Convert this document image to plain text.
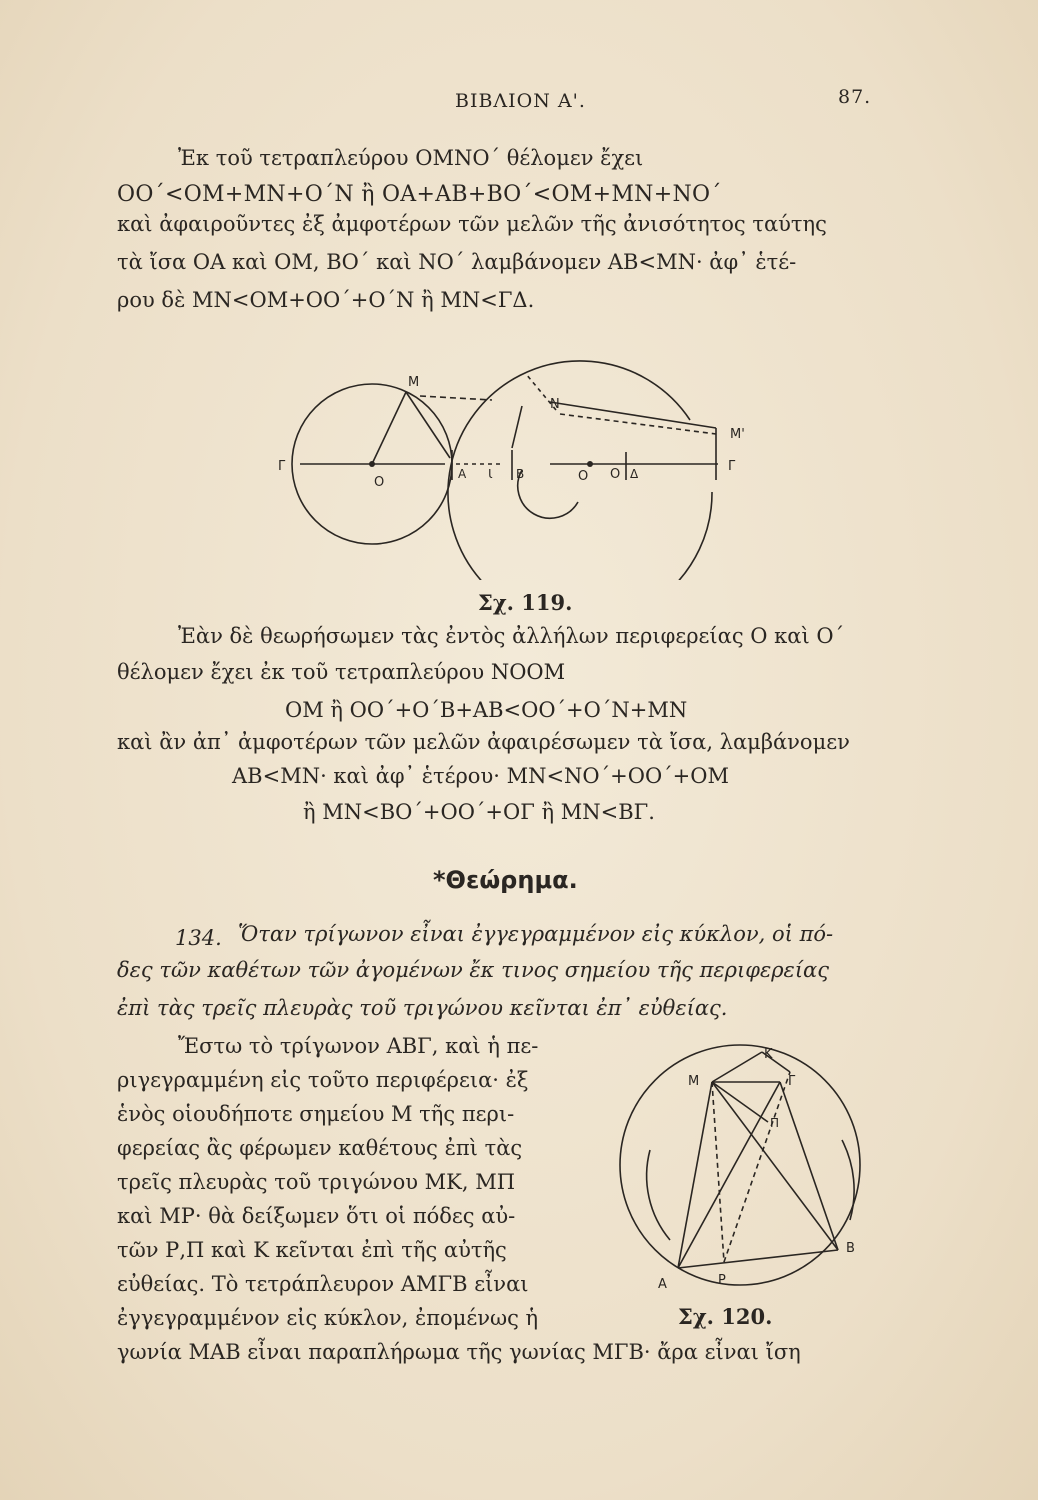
ΒΙΒΛΙΟΝ Α'.	87.
Ἐκ τοῦ τετραπλεύρου ΟΜΝΟ΄ θέλομεν ἔχει
ΟΟ΄<ΟΜ+ΜΝ+Ο΄Ν ἢ ΟΑ+ΑΒ+ΒΟ΄<ΟΜ+ΜΝ+ΝΟ΄
καὶ ἀφαιροῦντες ἐξ ἀμφοτέρων τῶν μελῶν τῆς ἀνισότητος ταύτης
τὰ ἴσα ΟΑ καὶ ΟΜ, ΒΟ΄ καὶ ΝΟ΄ λαμβάνομεν ΑΒ<ΜΝ· ἀφ᾽ ἑτέ-
ρου δὲ ΜΝ<ΟΜ+ΟΟ΄+Ο΄Ν ἢ ΜΝ<ΓΔ.
M
N
M'
Γ	Γ
O	O O
A Ɩ B	Δ
Σχ. 119.
Ἐὰν δὲ θεωρήσωμεν τὰς ἐντὸς ἀλλήλων περιφερείας Ο καὶ Ο΄
θέλομεν ἔχει ἐκ τοῦ τετραπλεύρου ΝΟΟΜ
ΟΜ ἢ ΟΟ΄+Ο΄Β+ΑΒ<ΟΟ΄+Ο΄Ν+ΜΝ
καὶ ἂν ἀπ᾽ ἀμφοτέρων τῶν μελῶν ἀφαιρέσωμεν τὰ ἴσα, λαμβάνομεν
ΑΒ<ΜΝ· καὶ ἀφ᾽ ἑτέρου· ΜΝ<ΝΟ΄+ΟΟ΄+ΟΜ
ἢ ΜΝ<ΒΟ΄+ΟΟ΄+ΟΓ ἢ ΜΝ<ΒΓ.
*Θεώρημα.
134. Ὅταν τρίγωνον εἶναι ἐγγεγραμμένον εἰς κύκλον, οἱ πό-
δες τῶν καθέτων τῶν ἀγομένων ἔκ τινος σημείου τῆς περιφερείας
ἐπὶ τὰς τρεῖς πλευρὰς τοῦ τριγώνου κεῖνται ἐπ᾽ εὐθείας.
Ἔστω τὸ τρίγωνον ΑΒΓ, καὶ ἡ πε-
ριγεγραμμένη εἰς τοῦτο περιφέρεια· ἐξ
ἑνὸς οἱουδήποτε σημείου Μ τῆς περι-
φερείας ἂς φέρωμεν καθέτους ἐπὶ τὰς
τρεῖς πλευρὰς τοῦ τριγώνου ΜΚ, ΜΠ
καὶ ΜΡ· θὰ δείξωμεν ὅτι οἱ πόδες αὐ-
τῶν Ρ,Π καὶ Κ κεῖνται ἐπὶ τῆς αὐτῆς
εὐθείας. Τὸ τετράπλευρον ΑΜΓΒ εἶναι
ἐγγεγραμμένον εἰς κύκλον, ἐπομένως ἡ
γωνία ΜΑΒ εἶναι παραπλήρωμα τῆς γωνίας ΜΓΒ· ἄρα εἶναι ἴση
K
M	Γ
Π
B
A	P
Σχ. 120.
